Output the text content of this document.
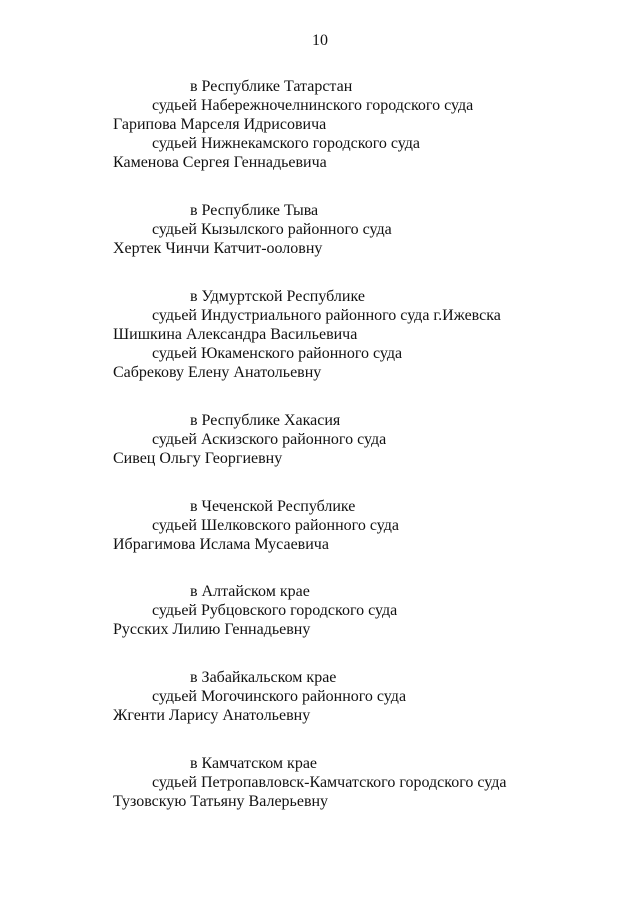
10
в Республике Татарстан
судьей Набережночелнинского городского суда
Гарипова Марселя Идрисовича
судьей Нижнекамского городского суда
Каменова Сергея Геннадьевича
в Республике Тыва
судьей Кызылского районного суда
Хертек Чинчи Катчит-ооловну
в Удмуртской Республике
судьей Индустриального районного суда г.Ижевска
Шишкина Александра Васильевича
судьей Юкаменского районного суда
Сабрекову Елену Анатольевну
в Республике Хакасия
судьей Аскизского районного суда
Сивец Ольгу Георгиевну
в Чеченской Республике
судьей Шелковского районного суда
Ибрагимова Ислама Мусаевича
в Алтайском крае
судьей Рубцовского городского суда
Русских Лилию Геннадьевну
в Забайкальском крае
судьей Могочинского районного суда
Жгенти Ларису Анатольевну
в Камчатском крае
судьей Петропавловск-Камчатского городского суда
Тузовскую Татьяну Валерьевну
